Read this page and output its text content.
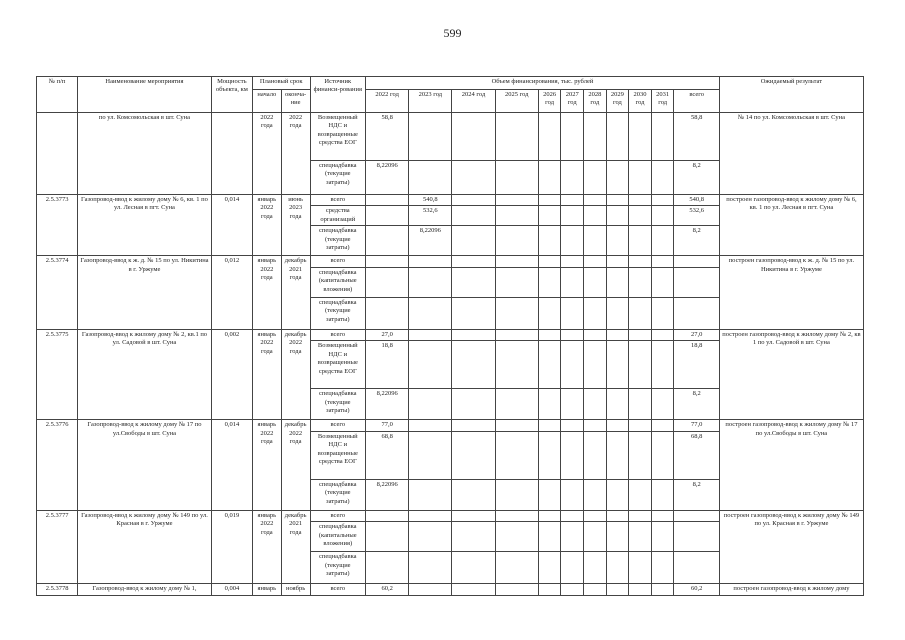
599
№ п/п	Наименование мероприятия	Мощность объекта, км	Плановый срок		Источник финанси-рования	Объем финансирования, тыс. рублей											Ожидаемый результат
			начало	оконча-ние		2022 год	2023 год	2024 год	2025 год	2026 год	2027 год	2028 год	2029 год	2030 год	2031 год	всего	
	по ул. Комсомольская в шт. Суна		2022 года	2022 года	Возмещенный НДС и возвращенные средства ЕОГ	58,8										58,8	№ 14 по ул. Комсомольская в шт. Суна
					спецнадбавка (текущие затраты)	8,22096										8,2	
2.5.3773	Газопровод-ввод к жилому дому № 6, кв. 1 по ул. Лесная в пгт. Суна	0,014	январь 2022 года	июнь 2023 года	всего		540,8									540,8	построен газопровод-ввод к жилому дому № 6, кв. 1 по ул. Лесная в пгт. Суна
					средства организаций		532,6									532,6	
					спецнадбавка (текущие затраты)		8,22096									8,2	
2.5.3774	Газопровод-ввод к ж. д. № 15 по ул. Никитина в г. Уржуме	0,012	январь 2022 года	декабрь 2021 года	всего												построен газопровод-ввод к ж. д. № 15 по ул. Никитина в г. Уржуме
					спецнадбавка (капитальные вложения)												
					спецнадбавка (текущие затраты)												
2.5.3775	Газопровод-ввод к жилому дому № 2, кв.1 по ул. Садовой в шт. Суна	0,002	январь 2022 года	декабрь 2022 года	всего	27,0										27,0	построен газопровод-ввод к жилому дому № 2, кв 1 по ул. Садовой в шт. Суна
					Возмещенный НДС и возвращенные средства ЕОГ	18,8										18,8	
					спецнадбавка (текущие затраты)	8,22096										8,2	
2.5.3776	Газопровод-ввод к жилому дому № 17 по ул.Свободы в шт. Суна	0,014	январь 2022 года	декабрь 2022 года	всего	77,0										77,0	построен газопровод-ввод к жилому дому № 17 по ул.Свободы в шт. Суна
					Возмещенный НДС и возвращенные средства ЕОГ	68,8										68,8	
					спецнадбавка (текущие затраты)	8,22096										8,2	
2.5.3777	Газопровод-ввод к жилому дому № 149 по ул. Красная в г. Уржуме	0,019	январь 2022 года	декабрь 2021 года	всего												построен газопровод-ввод к жилому дому № 149 по ул. Красная в г. Уржуме
					спецнадбавка (капитальные вложения)												
					спецнадбавка (текущие затраты)												
2.5.3778	Газопровод-ввод к жилому дому № 1,	0,004	январь	ноябрь	всего	60,2										60,2	построен газопровод-ввод к жилому дому
